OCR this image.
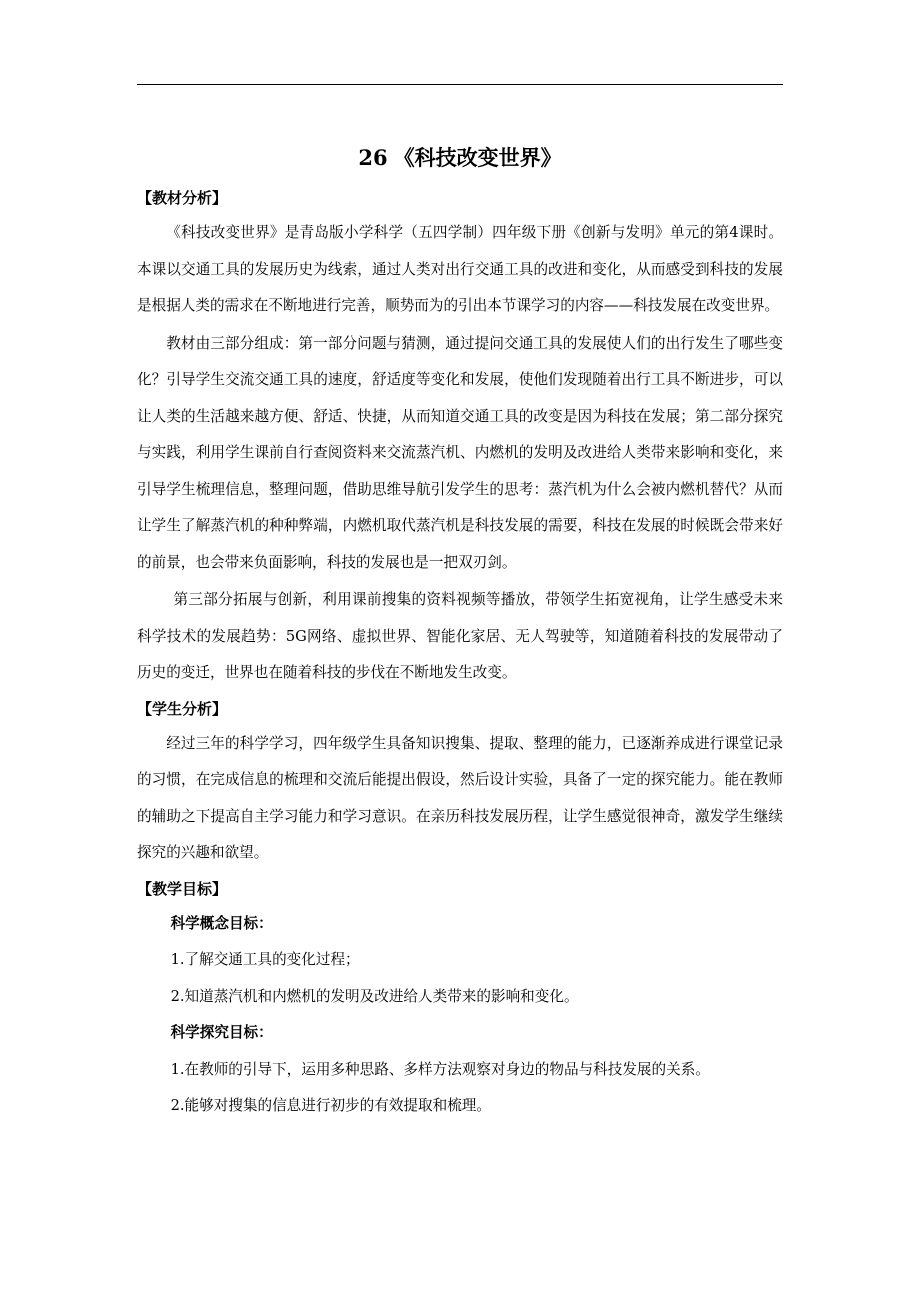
26 《科技改变世界》
【教材分析】

《科技改变世界》是青岛版小学科学（五四学制）四年级下册《创新与发明》单元的第4课时。本课以交通工具的发展历史为线索，通过人类对出行交通工具的改进和变化，从而感受到科技的发展是根据人类的需求在不断地进行完善，顺势而为的引出本节课学习的内容——科技发展在改变世界。

教材由三部分组成：第一部分问题与猜测，通过提问交通工具的发展使人们的出行发生了哪些变化？引导学生交流交通工具的速度，舒适度等变化和发展，使他们发现随着出行工具不断进步，可以让人类的生活越来越方便、舒适、快捷，从而知道交通工具的改变是因为科技在发展；第二部分探究与实践，利用学生课前自行查阅资料来交流蒸汽机、内燃机的发明及改进给人类带来影响和变化，来引导学生梳理信息，整理问题，借助思维导航引发学生的思考：蒸汽机为什么会被内燃机替代？从而让学生了解蒸汽机的种种弊端，内燃机取代蒸汽机是科技发展的需要，科技在发展的时候既会带来好的前景，也会带来负面影响，科技的发展也是一把双刃剑。

第三部分拓展与创新，利用课前搜集的资料视频等播放，带领学生拓宽视角，让学生感受未来科学技术的发展趋势：5G网络、虚拟世界、智能化家居、无人驾驶等，知道随着科技的发展带动了历史的变迁，世界也在随着科技的步伐在不断地发生改变。

【学生分析】

经过三年的科学学习，四年级学生具备知识搜集、提取、整理的能力，已逐渐养成进行课堂记录的习惯，在完成信息的梳理和交流后能提出假设，然后设计实验，具备了一定的探究能力。能在教师的辅助之下提高自主学习能力和学习意识。在亲历科技发展历程，让学生感觉很神奇，激发学生继续探究的兴趣和欲望。

【教学目标】
科学概念目标：
1.了解交通工具的变化过程；
2.知道蒸汽机和内燃机的发明及改进给人类带来的影响和变化。
科学探究目标：
1.在教师的引导下，运用多种思路、多样方法观察对身边的物品与科技发展的关系。
2.能够对搜集的信息进行初步的有效提取和梳理。
